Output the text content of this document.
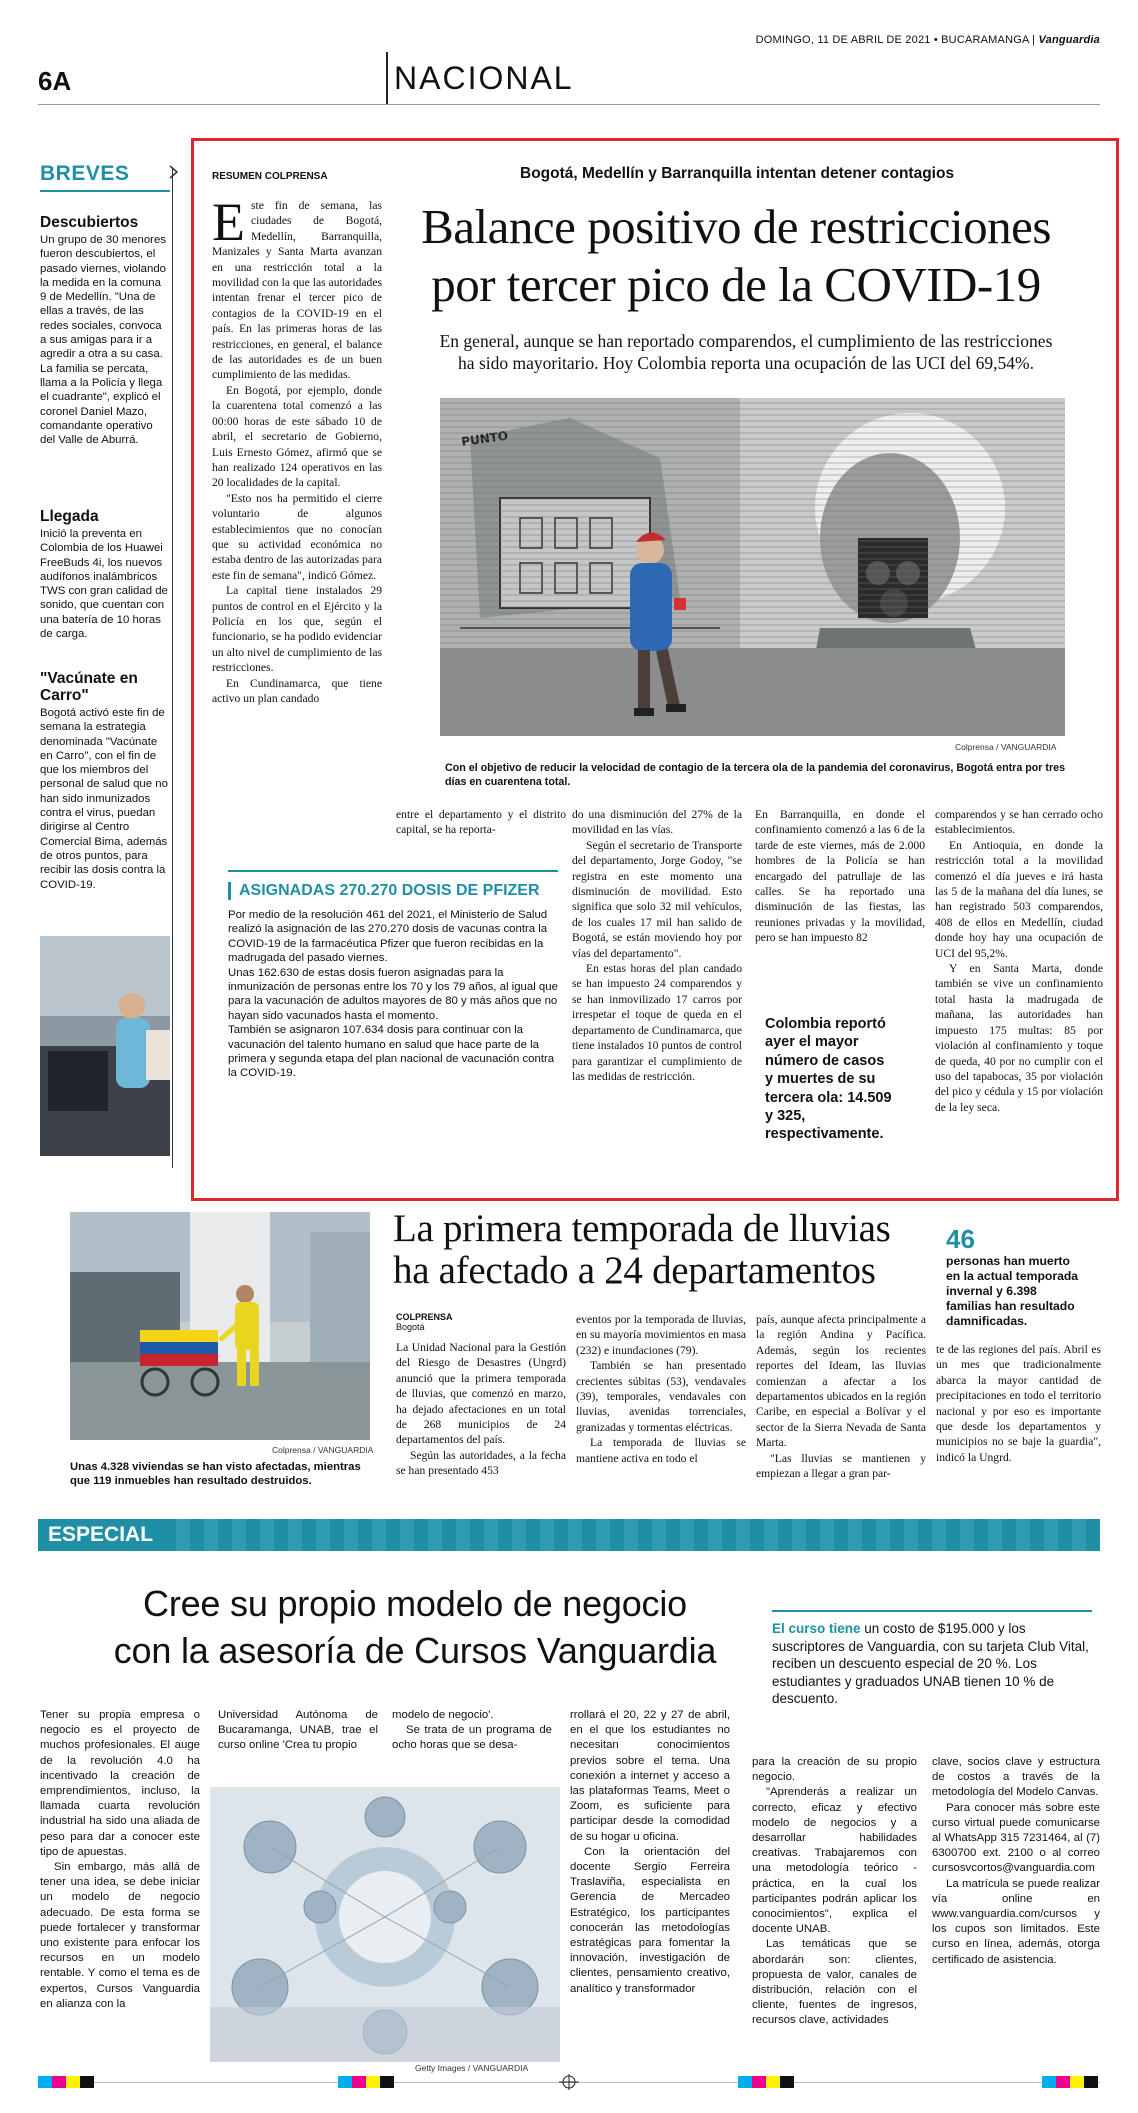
DOMINGO, 11 DE ABRIL DE 2021 • BUCARAMANGA | Vanguardia
6A	NACIONAL
BREVES
Descubiertos

Un grupo de 30 menores fueron descubiertos, el pasado viernes, violando la medida en la comuna 9 de Medellín. "Una de ellas a través, de las redes sociales, convoca a sus amigas para ir a agredir a otra a su casa. La familia se percata, llama a la Policía y llega el cuadrante", explicó el coronel Daniel Mazo, comandante operativo del Valle de Aburrá.

Llegada

Inició la preventa en Colombia de los Huawei FreeBuds 4i, los nuevos audífonos inalámbricos TWS con gran calidad de sonido, que cuentan con una batería de 10 horas de carga.

"Vacúnate en Carro"

Bogotá activó este fin de semana la estrategia denominada "Vacúnate en Carro", con el fin de que los miembros del personal de salud que no han sido inmunizados contra el virus, puedan dirigirse al Centro Comercial Bima, además de otros puntos, para recibir las dosis contra la COVID-19.

RESUMEN COLPRENSA	Bogotá, Medellín y Barranquilla intentan detener contagios
Balance positivo de restricciones
por tercer pico de la COVID-19
En general, aunque se han reportado comparendos, el cumplimiento de las restricciones
ha sido mayoritario. Hoy Colombia reporta una ocupación de las UCI del 69,54%.
Colprensa / VANGUARDIA
Con el objetivo de reducir la velocidad de contagio de la tercera ola de la pandemia del coronavirus, Bogotá entra por tres días en cuarentena total.

Este fin de semana, las ciudades de Bogotá, Medellín, Barranquilla, Manizales y Santa Marta avanzan en una restricción total a la movilidad con la que las autoridades intentan frenar el tercer pico de contagios de la COVID-19 en el país. En las primeras horas de las restricciones, en general, el balance de las autoridades es de un buen cumplimiento de las medidas.

En Bogotá, por ejemplo, donde la cuarentena total comenzó a las 00:00 horas de este sábado 10 de abril, el secretario de Gobierno, Luis Ernesto Gómez, afirmó que se han realizado 124 operativos en las 20 localidades de la capital.

"Esto nos ha permitido el cierre voluntario de algunos establecimientos que no conocían que su actividad económica no estaba dentro de las autorizadas para este fin de semana", indicó Gómez.

La capital tiene instalados 29 puntos de control en el Ejército y la Policía en los que, según el funcionario, se ha podido evidenciar un alto nivel de cumplimiento de las restricciones.

En Cundinamarca, que tiene activo un plan candado

entre el departamento y el distrito capital, se ha reporta-

do una disminución del 27% de la movilidad en las vías.

Según el secretario de Transporte del departamento, Jorge Godoy, "se registra en este momento una disminución de movilidad. Esto significa que solo 32 mil vehículos, de los cuales 17 mil han salido de Bogotá, se están moviendo hoy por vías del departamento".

En estas horas del plan candado se han impuesto 24 comparendos y se han inmovilizado 17 carros por irrespetar el toque de queda en el departamento de Cundinamarca, que tiene instalados 10 puntos de control para garantizar el cumplimiento de las medidas de restricción.

En Barranquilla, en donde el confinamiento comenzó a las 6 de la tarde de este viernes, más de 2.000 hombres de la Policía se han encargado del patrullaje de las calles. Se ha reportado una disminución de las fiestas, las reuniones privadas y la movilidad, pero se han impuesto 82

comparendos y se han cerrado ocho establecimientos.

En Antioquia, en donde la restricción total a la movilidad comenzó el día jueves e irá hasta las 5 de la mañana del día lunes, se han registrado 503 comparendos, 408 de ellos en Medellín, ciudad donde hoy hay una ocupación de UCI del 95,2%.

Y en Santa Marta, donde también se vive un confinamiento total hasta la madrugada de mañana, las autoridades han impuesto 175 multas: 85 por violación al confinamiento y toque de queda, 40 por no cumplir con el uso del tapabocas, 35 por violación del pico y cédula y 15 por violación de la ley seca.

Colombia reportó ayer el mayor número de casos y muertes de su tercera ola: 14.509 y 325, respectivamente.
ASIGNADAS 270.270 DOSIS DE PFIZER

Por medio de la resolución 461 del 2021, el Ministerio de Salud realizó la asignación de las 270.270 dosis de vacunas contra la COVID-19 de la farmacéutica Pfizer que fueron recibidas en la madrugada del pasado viernes.

Unas 162.630 de estas dosis fueron asignadas para la inmunización de personas entre los 70 y los 79 años, al igual que para la vacunación de adultos mayores de 80 y más años que no hayan sido vacunados hasta el momento.

También se asignaron 107.634 dosis para continuar con la vacunación del talento humano en salud que hace parte de la primera y segunda etapa del plan nacional de vacunación contra la COVID-19.

Colprensa / VANGUARDIA
Unas 4.328 viviendas se han visto afectadas, mientras que 119 inmuebles han resultado destruidos.
La primera temporada de lluvias
ha afectado a 24 departamentos
46
personas han muerto en la actual temporada invernal y 6.398 familias han resultado damnificadas.
COLPRENSA
Bogotá

La Unidad Nacional para la Gestión del Riesgo de Desastres (Ungrd) anunció que la primera temporada de lluvias, que comenzó en marzo, ha dejado afectaciones en un total de 268 municipios de 24 departamentos del país.

Según las autoridades, a la fecha se han presentado 453

eventos por la temporada de lluvias, en su mayoría movimientos en masa (232) e inundaciones (79).

También se han presentado crecientes súbitas (53), vendavales (39), temporales, vendavales con lluvias, avenidas torrenciales, granizadas y tormentas eléctricas.

La temporada de lluvias se mantiene activa en todo el

país, aunque afecta principalmente a la región Andina y Pacífica. Además, según los recientes reportes del Ideam, las lluvias comienzan a afectar a los departamentos ubicados en la región Caribe, en especial a Bolívar y el sector de la Sierra Nevada de Santa Marta.

"Las lluvias se mantienen y empiezan a llegar a gran par-

te de las regiones del país. Abril es un mes que tradicionalmente abarca la mayor cantidad de precipitaciones en todo el territorio nacional y por eso es importante que desde los departamentos y municipios no se baje la guardia", indicó la Ungrd.

ESPECIAL
Cree su propio modelo de negocio
con la asesoría de Cursos Vanguardia
El curso tiene un costo de $195.000 y los suscriptores de Vanguardia, con su tarjeta Club Vital, reciben un descuento especial de 20 %. Los estudiantes y graduados UNAB tienen 10 % de descuento.

Tener su propia empresa o negocio es el proyecto de muchos profesionales. El auge de la revolución 4.0 ha incentivado la creación de emprendimientos, incluso, la llamada cuarta revolución industrial ha sido una aliada de peso para dar a conocer este tipo de apuestas.

Sin embargo, más allá de tener una idea, se debe iniciar un modelo de negocio adecuado. De esta forma se puede fortalecer y transformar uno existente para enfocar los recursos en un modelo rentable. Y como el tema es de expertos, Cursos Vanguardia en alianza con la

Universidad Autónoma de Bucaramanga, UNAB, trae el curso online 'Crea tu propio

modelo de negocio'.

Se trata de un programa de ocho horas que se desa-

Getty Images / VANGUARDIA

rrollará el 20, 22 y 27 de abril, en el que los estudiantes no necesitan conocimientos previos sobre el tema. Una conexión a internet y acceso a las plataformas Teams, Meet o Zoom, es suficiente para participar desde la comodidad de su hogar u oficina.

Con la orientación del docente Sergio Ferreira Traslaviña, especialista en Gerencia de Mercadeo Estratégico, los participantes conocerán las metodologías estratégicas para fomentar la innovación, investigación de clientes, pensamiento creativo, analítico y transformador

para la creación de su propio negocio.

"Aprenderás a realizar un correcto, eficaz y efectivo modelo de negocios y a desarrollar habilidades creativas. Trabajaremos con una metodología teórico - práctica, en la cual los participantes podrán aplicar los conocimientos", explica el docente UNAB.

Las temáticas que se abordarán son: clientes, propuesta de valor, canales de distribución, relación con el cliente, fuentes de ingresos, recursos clave, actividades

clave, socios clave y estructura de costos a través de la metodología del Modelo Canvas.

Para conocer más sobre este curso virtual puede comunicarse al WhatsApp 315 7231464, al (7) 6300700 ext. 2100 o al correo cursosvcortos@vanguardia.com

La matrícula se puede realizar vía online en www.vanguardia.com/cursos y los cupos son limitados. Este curso en línea, además, otorga certificado de asistencia.
